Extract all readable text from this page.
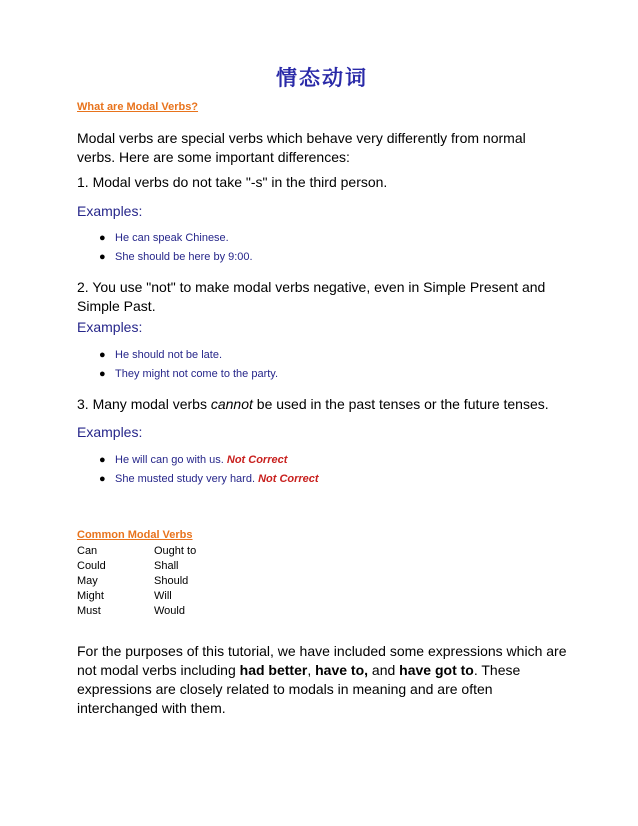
情态动词
What are Modal Verbs?

Modal verbs are special verbs which behave very differently from normal verbs. Here are some important differences:

1. Modal verbs do not take "-s" in the third person.

Examples:
● He can speak Chinese.
● She should be here by 9:00.

2. You use "not" to make modal verbs negative, even in Simple Present and Simple Past.

Examples:
● He should not be late.
● They might not come to the party.

3. Many modal verbs cannot be used in the past tenses or the future tenses.

Examples:
● He will can go with us. Not Correct
● She musted study very hard. Not Correct
Common Modal Verbs
Can	Ought to
Could	Shall
May	Should
Might	Will
Must	Would

For the purposes of this tutorial, we have included some expressions which are not modal verbs including had better, have to, and have got to. These expressions are closely related to modals in meaning and are often interchanged with them.
